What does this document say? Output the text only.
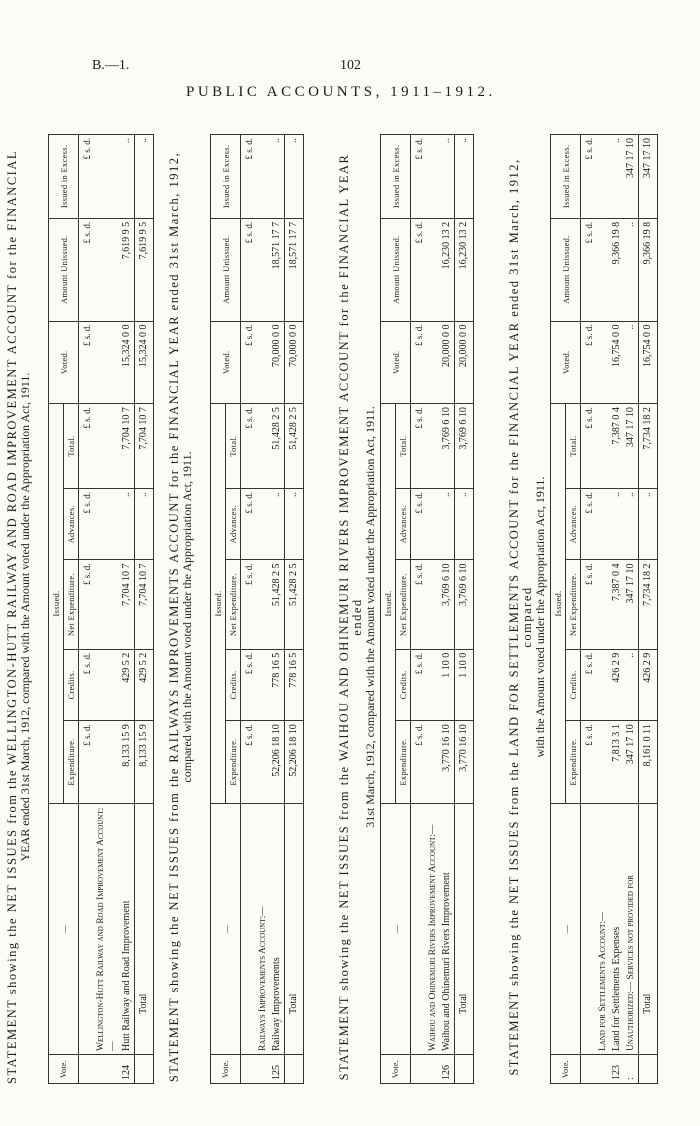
B.—1.	102
PUBLIC ACCOUNTS, 1911–1912.
STATEMENT showing the NET ISSUES from the WELLINGTON-HUTT RAILWAY AND ROAD IMPROVEMENT ACCOUNT for the FINANCIAL YEAR ended 31st March, 1912, compared with the Amount voted under the Appropriation Act, 1911.
Vote.	—	Issued.					Voted.	Amount Unissued.	Issued in Excess.
		Expenditure.	Credits.	Net Expenditure.	Advances.	Total.			
		£ s. d.	£ s. d.	£ s. d.	£ s. d.	£ s. d.	£ s. d.	£ s. d.	£ s. d.
	Wellington-Hutt Railway and Road Improvement Account:—								
124	Hutt Railway and Road Improvement	8,133 15 9	429 5 2	7,704 10 7	..	7,704 10 7	15,324 0 0	7,619 9 5	..
	Total	8,133 15 9	429 5 2	7,704 10 7	..	7,704 10 7	15,324 0 0	7,619 9 5	..
STATEMENT showing the NET ISSUES from the RAILWAYS IMPROVEMENTS ACCOUNT for the FINANCIAL YEAR ended 31st March, 1912, compared with the Amount voted under the Appropriation Act, 1911.
Vote.	—	Issued.					Voted.	Amount Unissued.	Issued in Excess.
		Expenditure.	Credits.	Net Expenditure.	Advances.	Total.			
		£ s. d.	£ s. d.	£ s. d.	£ s. d.	£ s. d.	£ s. d.	£ s. d.	£ s. d.
	Railways Improvements Account:—								
125	Railway Improvements	52,206 18 10	778 16 5	51,428 2 5	..	51,428 2 5	70,000 0 0	18,571 17 7	..
	Total	52,206 18 10	778 16 5	51,428 2 5	..	51,428 2 5	70,000 0 0	18,571 17 7	..
STATEMENT showing the NET ISSUES from the WAIHOU AND OHINEMURI RIVERS IMPROVEMENT ACCOUNT for the FINANCIAL YEAR ended 31st March, 1912, compared with the Amount voted under the Appropriation Act, 1911.
Vote.	—	Issued.					Voted.	Amount Unissued.	Issued in Excess.
		Expenditure.	Credits.	Net Expenditure.	Advances.	Total.			
		£ s. d.	£ s. d.	£ s. d.	£ s. d.	£ s. d.	£ s. d.	£ s. d.	£ s. d.
	Waihou and Ohinemuri Rivers Improvement Account:—								
126	Waihou and Ohinemuri Rivers Improvement	3,770 16 10	1 10 0	3,769 6 10	..	3,769 6 10	20,000 0 0	16,230 13 2	..
	Total	3,770 16 10	1 10 0	3,769 6 10	..	3,769 6 10	20,000 0 0	16,230 13 2	..
STATEMENT showing the NET ISSUES from the LAND FOR SETTLEMENTS ACCOUNT for the FINANCIAL YEAR ended 31st March, 1912, compared with the Amount voted under the Appropriation Act, 1911.
Vote.	—	Issued.					Voted.	Amount Unissued.	Issued in Excess.
		Expenditure.	Credits.	Net Expenditure.	Advances.	Total.			
		£ s. d.	£ s. d.	£ s. d.	£ s. d.	£ s. d.	£ s. d.	£ s. d.	£ s. d.
	Land for Settlements Account:—								
123	Land for Settlements Expenses	7,813 3 1	426 2 9	7,387 0 4	..	7,387 0 4	16,754 0 0	9,366 19 8	..
:	Unauthorized:— Services not provided for	347 17 10	..	347 17 10	..	347 17 10	..	..	347 17 10
	Total	8,161 0 11	426 2 9	7,734 18 2	..	7,734 18 2	16,754 0 0	9,366 19 8	347 17 10
